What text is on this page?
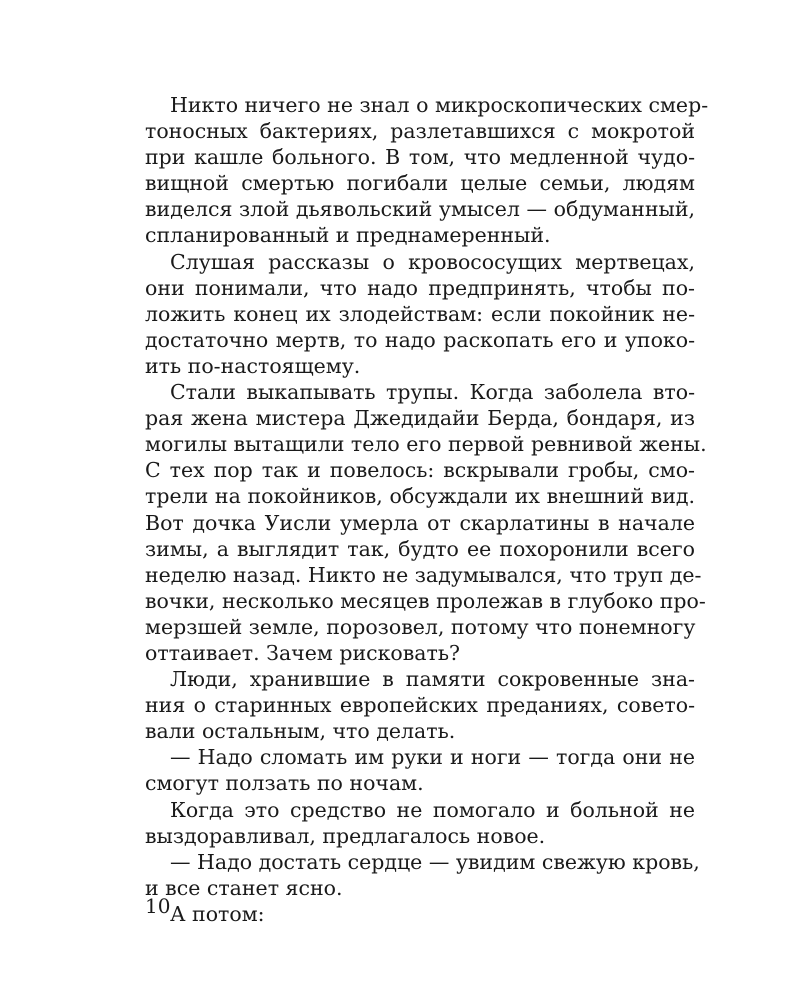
Никто ничего не знал о микроскопических смер-
тоносных бактериях, разлетавшихся с мокротой
при кашле больного. В том, что медленной чудо-
вищной смертью погибали целые семьи, людям
виделся злой дьявольский умысел — обдуманный,
спланированный и преднамеренный.
Слушая рассказы о кровососущих мертвецах,
они понимали, что надо предпринять, чтобы по-
ложить конец их злодействам: если покойник не-
достаточно мертв, то надо раскопать его и упоко-
ить по-настоящему.
Стали выкапывать трупы. Когда заболела вто-
рая жена мистера Джедидайи Берда, бондаря, из
могилы вытащили тело его первой ревнивой жены.
С тех пор так и повелось: вскрывали гробы, смо-
трели на покойников, обсуждали их внешний вид.
Вот дочка Уисли умерла от скарлатины в начале
зимы, а выглядит так, будто ее похоронили всего
неделю назад. Никто не задумывался, что труп де-
вочки, несколько месяцев пролежав в глубоко про-
мерзшей земле, порозовел, потому что понемногу
оттаивает. Зачем рисковать?
Люди, хранившие в памяти сокровенные зна-
ния о старинных европейских преданиях, совето-
вали остальным, что делать.
— Надо сломать им руки и ноги — тогда они не
смогут ползать по ночам.
Когда это средство не помогало и больной не
выздоравливал, предлагалось новое.
— Надо достать сердце — увидим свежую кровь,
и все станет ясно.
А потом:
10
